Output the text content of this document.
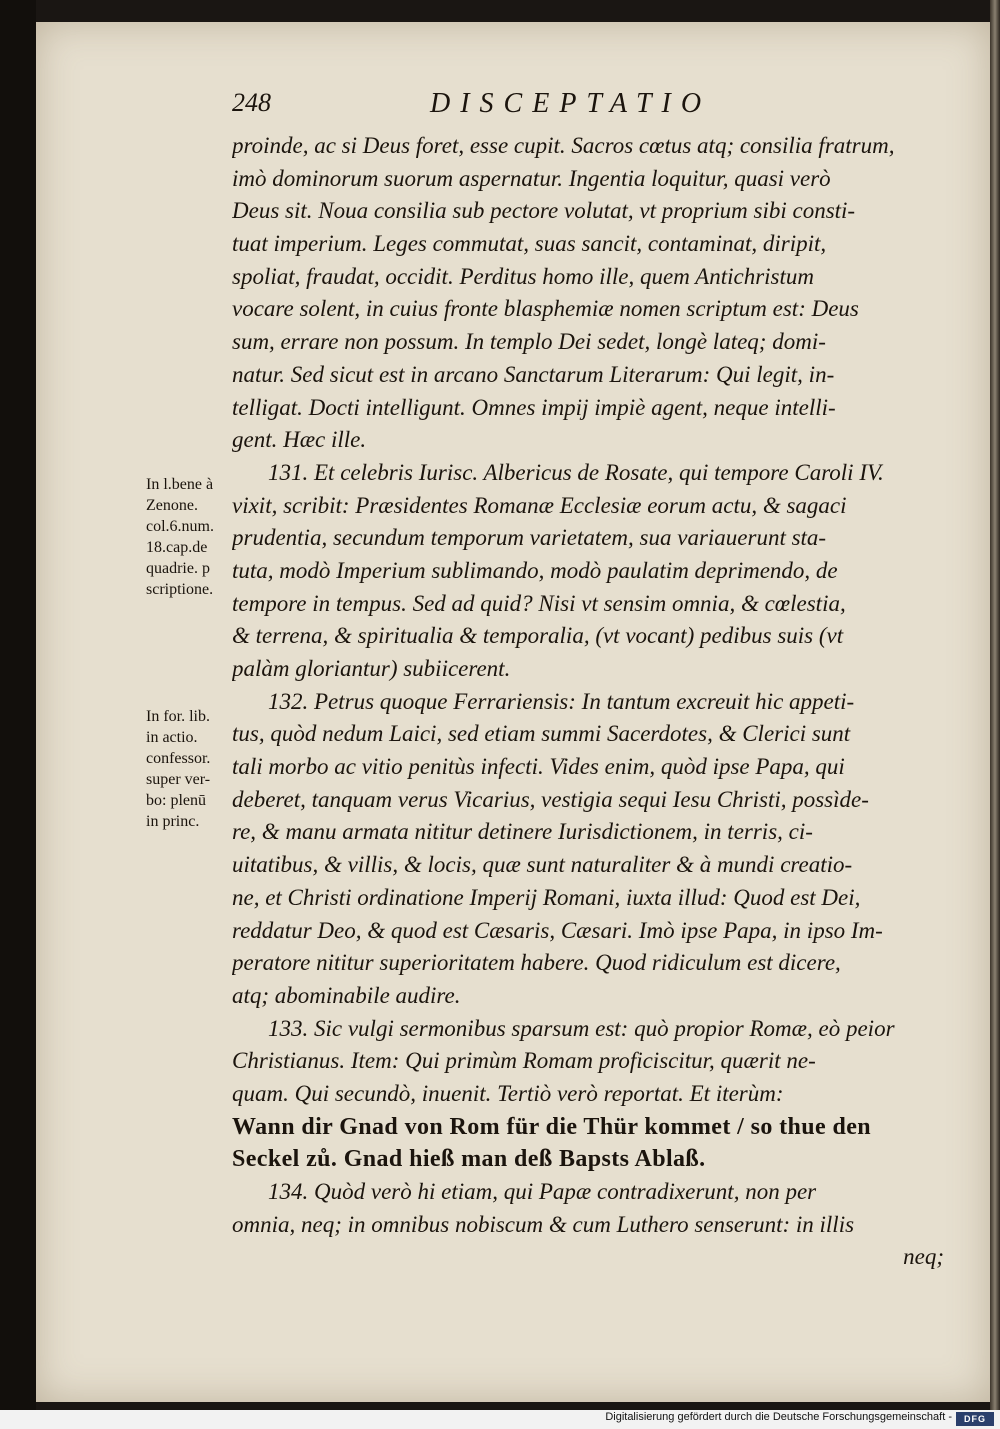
248	DISCEPTATIO
proinde, ac si Deus foret, esse cupit. Sacros cœtus atq; consilia fratrum,
imò dominorum suorum aspernatur. Ingentia loquitur, quasi verò
Deus sit. Noua consilia sub pectore volutat, vt proprium sibi consti-
tuat imperium. Leges commutat, suas sancit, contaminat, diripit,
spoliat, fraudat, occidit. Perditus homo ille, quem Antichristum
vocare solent, in cuius fronte blasphemiæ nomen scriptum est: Deus
sum, errare non possum. In templo Dei sedet, longè lateq; domi-
natur. Sed sicut est in arcano Sanctarum Literarum: Qui legit, in-
telligat. Docti intelligunt. Omnes impij impiè agent, neque intelli-
gent. Hæc ille.
131. Et celebris Iurisc. Albericus de Rosate, qui tempore Caroli IV.
vixit, scribit: Præsidentes Romanæ Ecclesiæ eorum actu, & sagaci
prudentia, secundum temporum varietatem, sua variauerunt sta-
tuta, modò Imperium sublimando, modò paulatim deprimendo, de
tempore in tempus. Sed ad quid? Nisi vt sensim omnia, & cœlestia,
& terrena, & spiritualia & temporalia, (vt vocant) pedibus suis (vt
palàm gloriantur) subiicerent.
132. Petrus quoque Ferrariensis: In tantum excreuit hic appeti-
tus, quòd nedum Laici, sed etiam summi Sacerdotes, & Clerici sunt
tali morbo ac vitio penitùs infecti. Vides enim, quòd ipse Papa, qui
deberet, tanquam verus Vicarius, vestigia sequi Iesu Christi, possìde-
re, & manu armata nititur detinere Iurisdictionem, in terris, ci-
uitatibus, & villis, & locis, quæ sunt naturaliter & à mundi creatio-
ne, et Christi ordinatione Imperij Romani, iuxta illud: Quod est Dei,
reddatur Deo, & quod est Cæsaris, Cæsari. Imò ipse Papa, in ipso Im-
peratore nititur superioritatem habere. Quod ridiculum est dicere,
atq; abominabile audire.
133. Sic vulgi sermonibus sparsum est: quò propior Romæ, eò peior
Christianus. Item: Qui primùm Romam proficiscitur, quærit ne-
quam. Qui secundò, inuenit. Tertiò verò reportat. Et iterùm:
Wann dir Gnad von Rom für die Thür kommet / so thue den
Seckel zů. Gnad hieß man deß Bapsts Ablaß.
134. Quòd verò hi etiam, qui Papæ contradixerunt, non per
omnia, neq; in omnibus nobiscum & cum Luthero senserunt: in illis
neq;
In l.bene à
Zenone.
col.6.num.
18.cap.de
quadrie. p
scriptione.
In for. lib.
in actio.
confessor.
super ver-
bo: plenū
in princ.
Digitalisierung gefördert durch die Deutsche Forschungsgemeinschaft -	DFG
